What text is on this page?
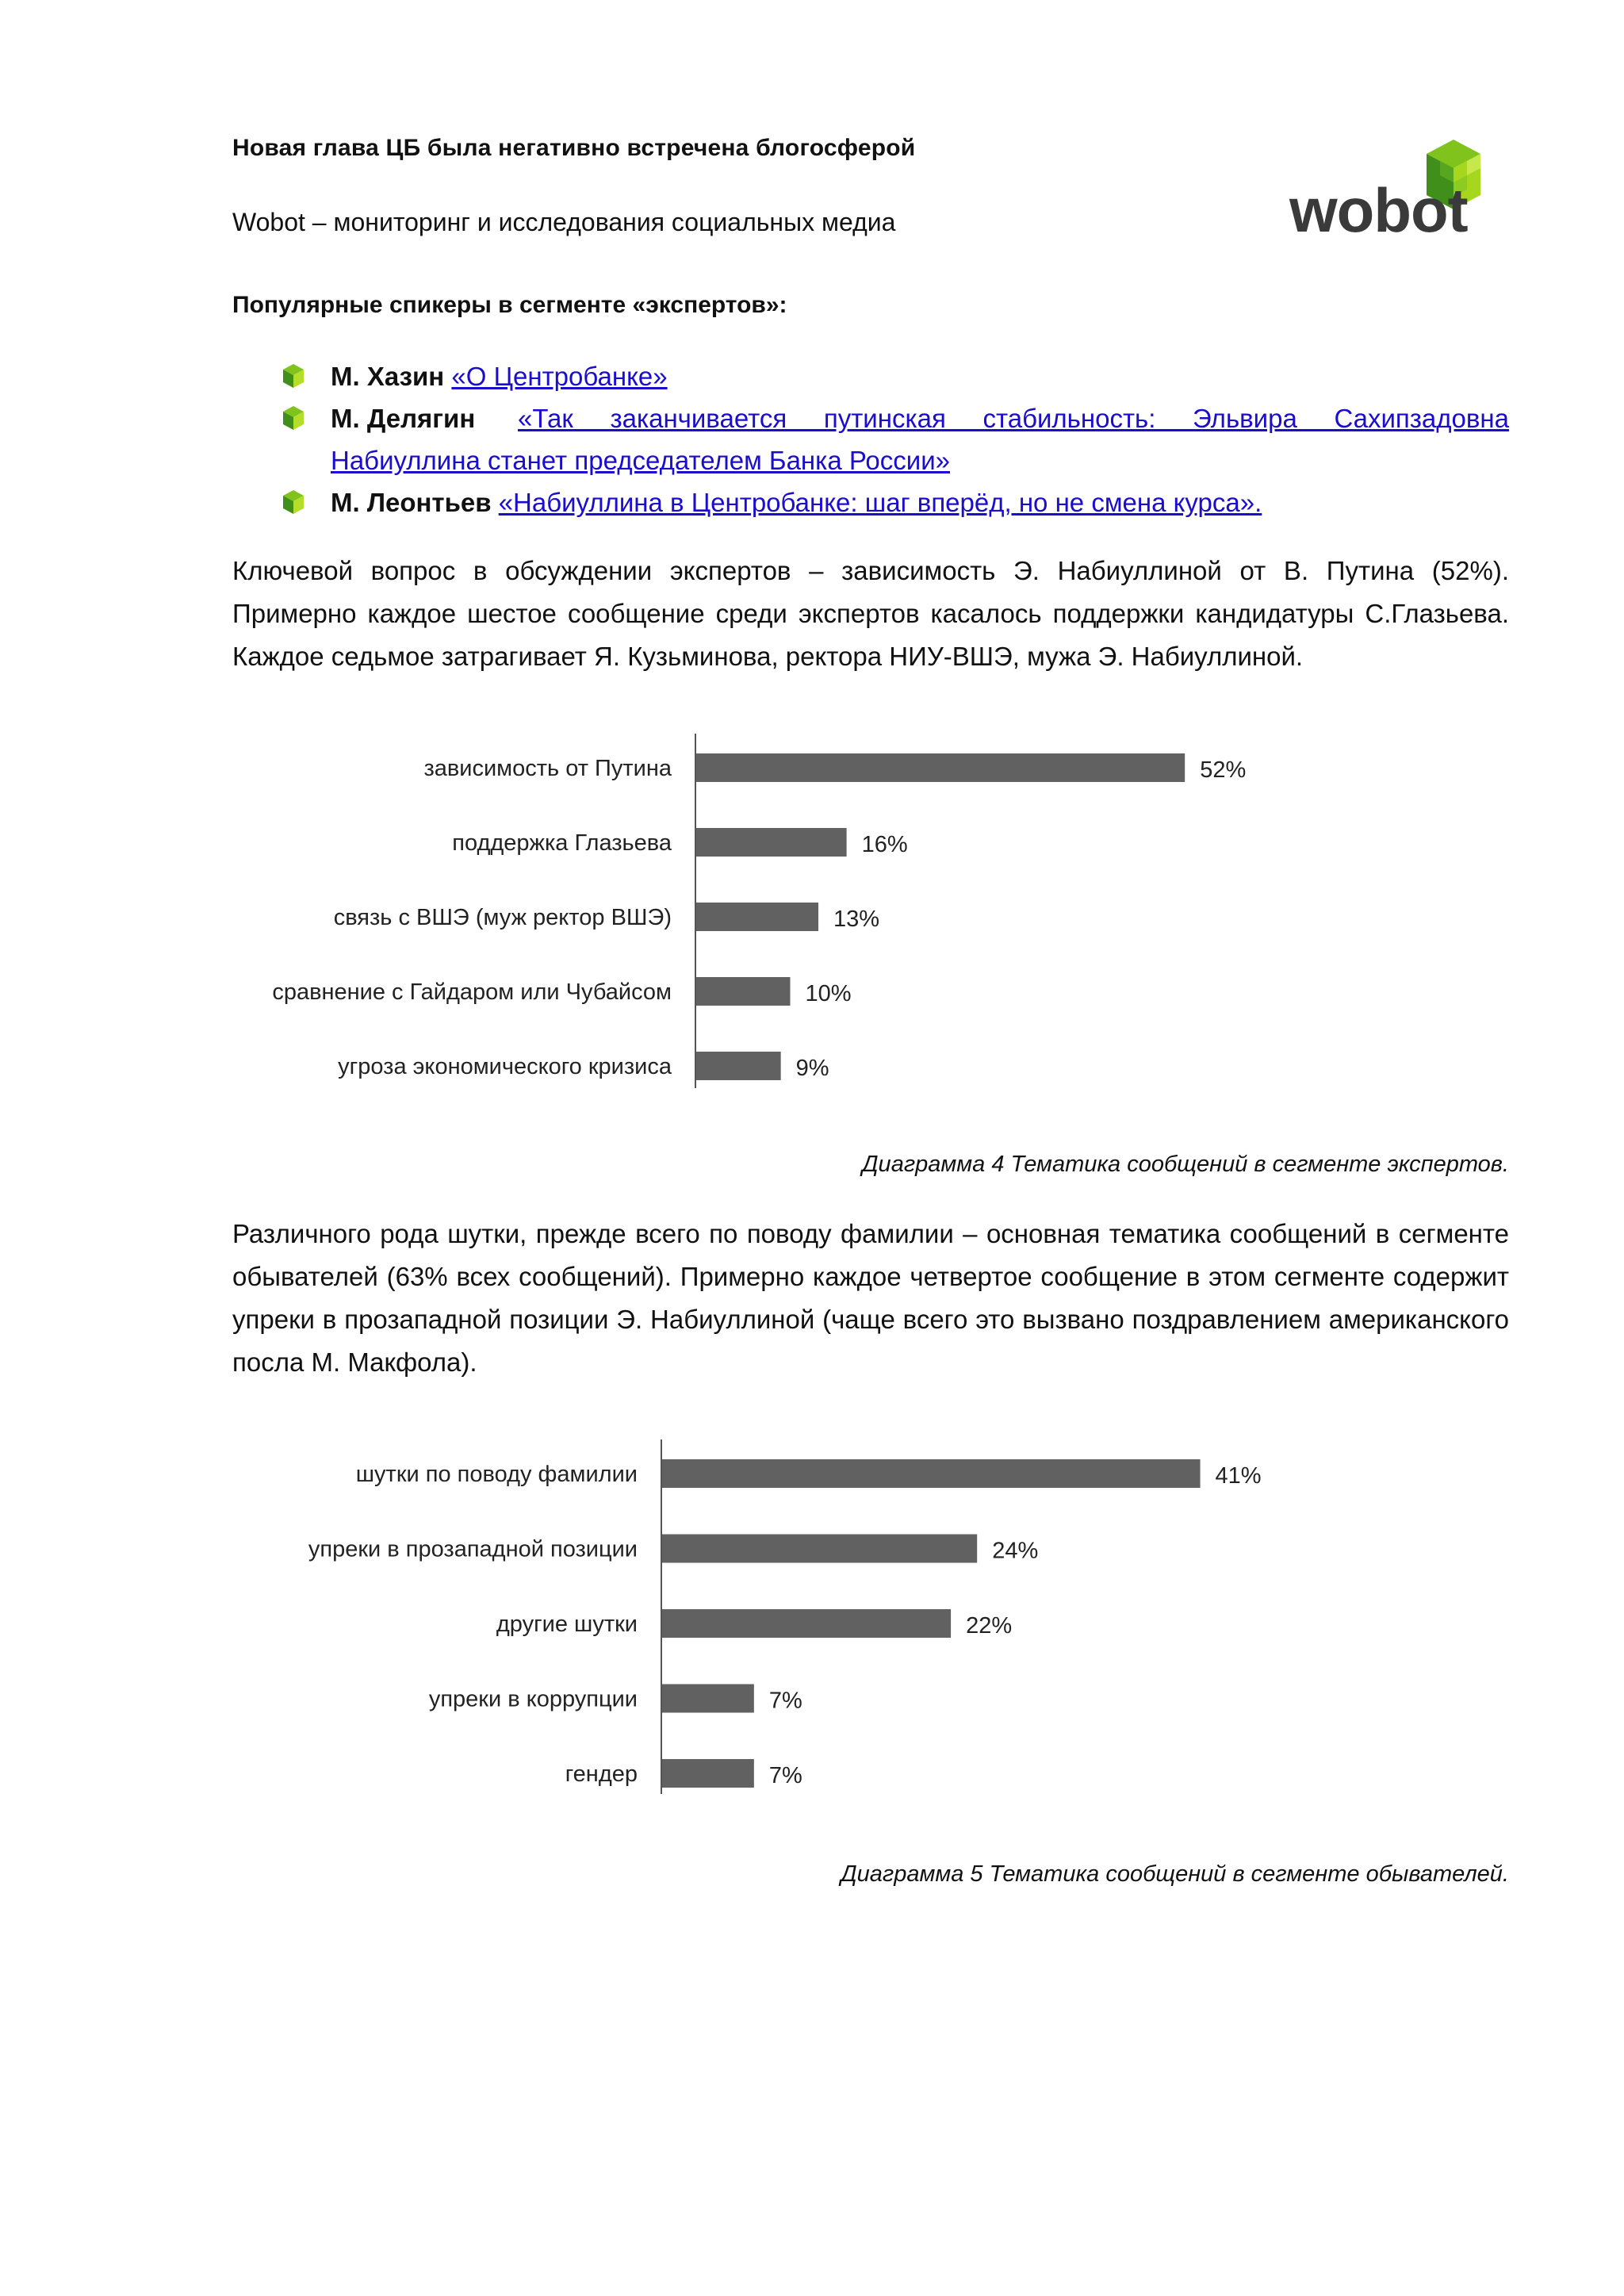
Новая глава ЦБ была негативно встречена блогосферой
Wobot – мониторинг и исследования социальных медиа	wobot
Популярные спикеры в сегменте «экспертов»:
М. Хазин «О Центробанке»
М. Делягин «Так заканчивается путинская стабильность: Эльвира Сахипзадовна
Набиуллина станет председателем Банка России»
М. Леонтьев «Набиуллина в Центробанке: шаг вперёд, но не смена курса».
Ключевой вопрос в обсуждении экспертов – зависимость Э. Набиуллиной от В. Путина (52%). Примерно каждое шестое сообщение среди экспертов касалось поддержки кандидатуры С.Глазьева. Каждое седьмое затрагивает Я. Кузьминова, ректора НИУ-ВШЭ, мужа Э. Набиуллиной.
зависимость от Путина	52%
поддержка Глазьева	16%
связь с ВШЭ (муж ректор ВШЭ)	13%
сравнение с Гайдаром или Чубайсом	10%
угроза экономического кризиса	9%
Диаграмма 4 Тематика сообщений в сегменте экспертов.
Различного рода шутки, прежде всего по поводу фамилии – основная тематика сообщений в сегменте обывателей (63% всех сообщений). Примерно каждое четвертое сообщение в этом сегменте содержит упреки в прозападной позиции Э. Набиуллиной (чаще всего это вызвано поздравлением американского посла М. Макфола).
шутки по поводу фамилии	41%
упреки в прозападной позиции	24%
другие шутки	22%
упреки в коррупции	7%
гендер	7%
Диаграмма 5 Тематика сообщений в сегменте обывателей.
